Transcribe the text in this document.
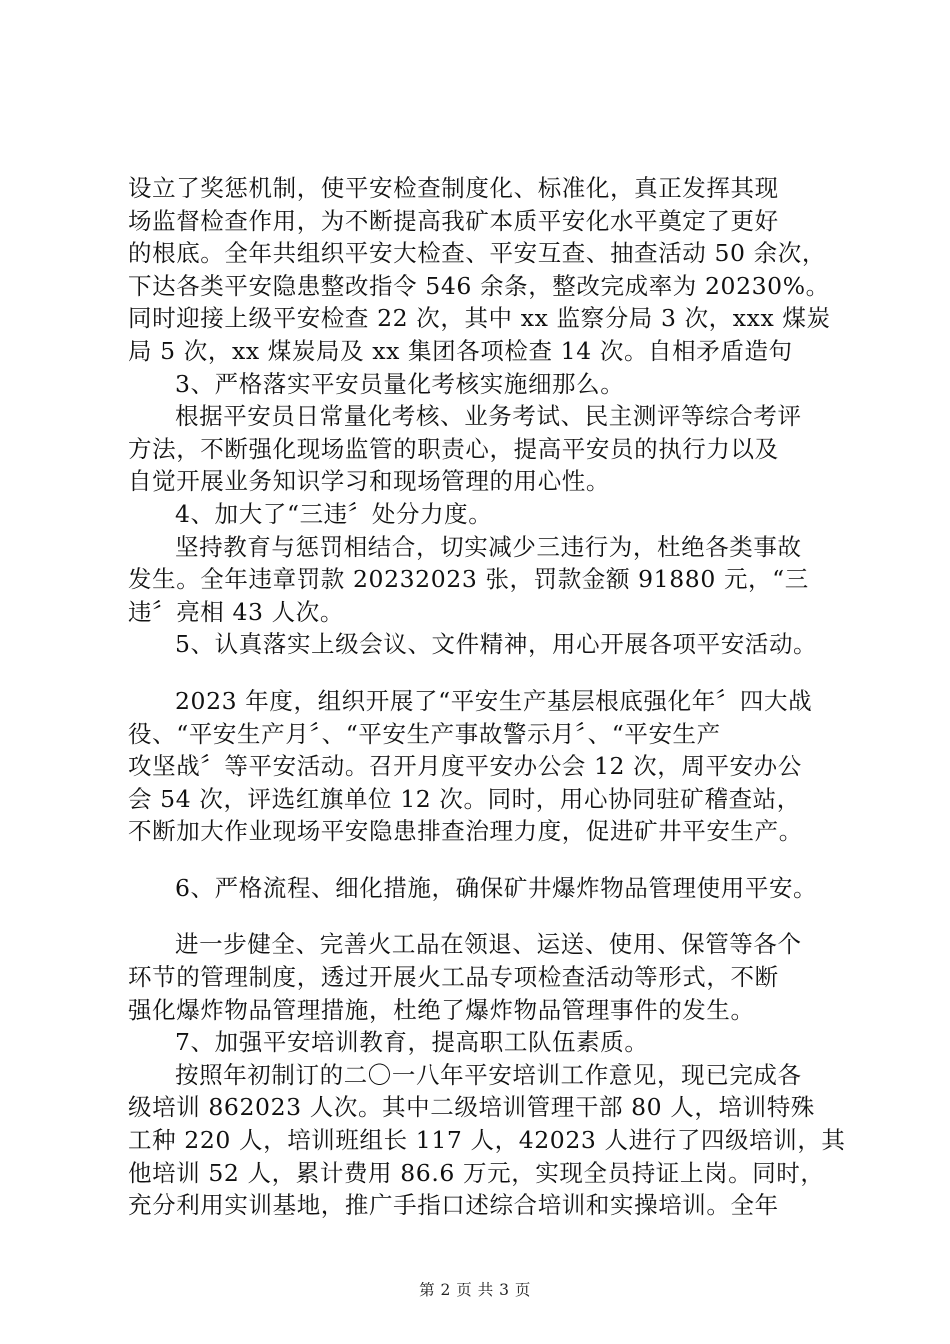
设立了奖惩机制，使平安检查制度化、标准化，真正发挥其现
场监督检查作用，为不断提高我矿本质平安化水平奠定了更好
的根底。全年共组织平安大检查、平安互查、抽查活动 50 余次，
下达各类平安隐患整改指令 546 余条，整改完成率为 20230%。
同时迎接上级平安检查 22 次，其中 xx 监察分局 3 次，xxx 煤炭
局 5 次，xx 煤炭局及 xx 集团各项检查 14 次。自相矛盾造句
3、严格落实平安员量化考核实施细那么。
根据平安员日常量化考核、业务考试、民主测评等综合考评
方法，不断强化现场监管的职责心，提高平安员的执行力以及
自觉开展业务知识学习和现场管理的用心性。
4、加大了“三违〞处分力度。
坚持教育与惩罚相结合，切实减少三违行为，杜绝各类事故
发生。全年违章罚款 20232023 张，罚款金额 91880 元，“三
违〞亮相 43 人次。
5、认真落实上级会议、文件精神，用心开展各项平安活动。
2023 年度，组织开展了“平安生产基层根底强化年〞四大战
役、“平安生产月〞、“平安生产事故警示月〞、“平安生产
攻坚战〞等平安活动。召开月度平安办公会 12 次，周平安办公
会 54 次，评选红旗单位 12 次。同时，用心协同驻矿稽查站，
不断加大作业现场平安隐患排查治理力度，促进矿井平安生产。
6、严格流程、细化措施，确保矿井爆炸物品管理使用平安。
进一步健全、完善火工品在领退、运送、使用、保管等各个
环节的管理制度，透过开展火工品专项检查活动等形式，不断
强化爆炸物品管理措施，杜绝了爆炸物品管理事件的发生。
7、加强平安培训教育，提高职工队伍素质。
按照年初制订的二〇一八年平安培训工作意见，现已完成各
级培训 862023 人次。其中二级培训管理干部 80 人，培训特殊
工种 220 人，培训班组长 117 人，42023 人进行了四级培训，其
他培训 52 人，累计费用 86.6 万元，实现全员持证上岗。同时，
充分利用实训基地，推广手指口述综合培训和实操培训。全年
第 2 页 共 3 页
